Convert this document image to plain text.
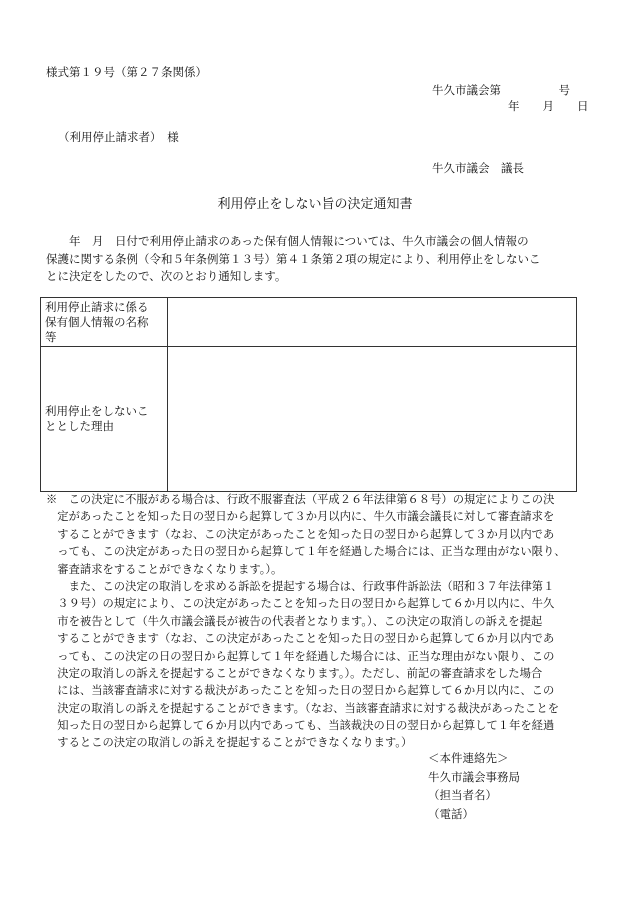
様式第１９号（第２７条関係）
牛久市議会第　　　　　号
年　　月　　日
（利用停止請求者）　様
牛久市議会　議長
利用停止をしない旨の決定通知書
　　年　月　日付で利用停止請求のあった保有個人情報については、牛久市議会の個人情報の
保護に関する条例（令和５年条例第１３号）第４１条第２項の規定により、利用停止をしないこ
とに決定をしたので、次のとおり通知します。
利用停止請求に係る
保有個人情報の名称
等	

利用停止をしないこ
ととした理由	

※　この決定に不服がある場合は、行政不服審査法（平成２６年法律第６８号）の規定によりこの決
　定があったことを知った日の翌日から起算して３か月以内に、牛久市議会議長に対して審査請求を
　することができます（なお、この決定があったことを知った日の翌日から起算して３か月以内であ
　っても、この決定があった日の翌日から起算して１年を経過した場合には、正当な理由がない限り、
　審査請求をすることができなくなります。）。
　　また、この決定の取消しを求める訴訟を提起する場合は、行政事件訴訟法（昭和３７年法律第１
　３９号）の規定により、この決定があったことを知った日の翌日から起算して６か月以内に、牛久
　市を被告として（牛久市議会議長が被告の代表者となります。）、この決定の取消しの訴えを提起
　することができます（なお、この決定があったことを知った日の翌日から起算して６か月以内であ
　っても、この決定の日の翌日から起算して１年を経過した場合には、正当な理由がない限り、この
　決定の取消しの訴えを提起することができなくなります。）。ただし、前記の審査請求をした場合
　には、当該審査請求に対する裁決があったことを知った日の翌日から起算して６か月以内に、この
　決定の取消しの訴えを提起することができます。（なお、当該審査請求に対する裁決があったことを
　知った日の翌日から起算して６か月以内であっても、当該裁決の日の翌日から起算して１年を経過
　するとこの決定の取消しの訴えを提起することができなくなります。）
＜本件連絡先＞
牛久市議会事務局
（担当者名）
（電話）
